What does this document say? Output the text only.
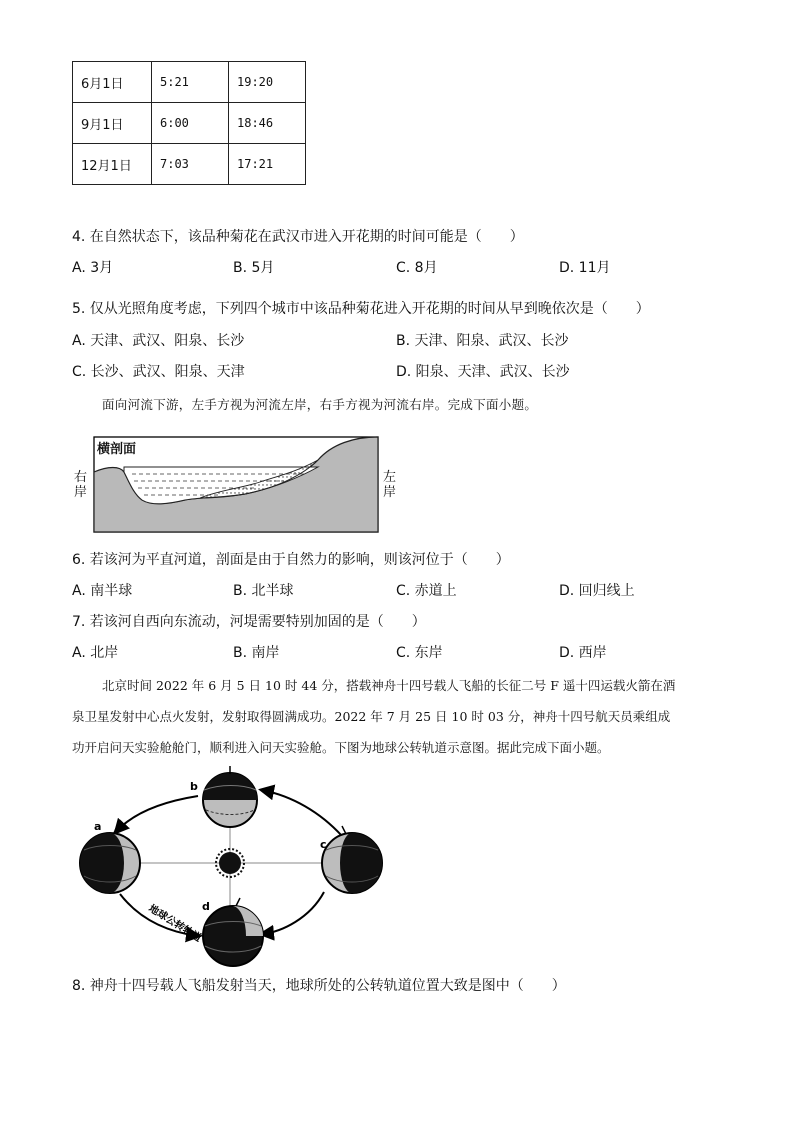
6月1日	5:21	19:20
9月1日	6:00	18:46
12月1日	7:03	17:21
4. 在自然状态下，该品种菊花在武汉市进入开花期的时间可能是（　　）
A. 3月	B. 5月	C. 8月	D. 11月
5. 仅从光照角度考虑，下列四个城市中该品种菊花进入开花期的时间从早到晚依次是（　　）
A. 天津、武汉、阳泉、长沙	B. 天津、阳泉、武汉、长沙
C. 长沙、武汉、阳泉、天津	D. 阳泉、天津、武汉、长沙
面向河流下游，左手方视为河流左岸，右手方视为河流右岸。完成下面小题。
横剖面
右
岸
左
岸
6. 若该河为平直河道，剖面是由于自然力的影响，则该河位于（　　）
A. 南半球	B. 北半球	C. 赤道上	D. 回归线上
7. 若该河自西向东流动，河堤需要特别加固的是（　　）
A. 北岸	B. 南岸	C. 东岸	D. 西岸
北京时间 2022 年 6 月 5 日 10 时 44 分，搭载神舟十四号载人飞船的长征二号 F 遥十四运载火箭在酒
泉卫星发射中心点火发射，发射取得圆满成功。2022 年 7 月 25 日 10 时 03 分，神舟十四号航天员乘组成
功开启问天实验舱舱门，顺利进入问天实验舱。下图为地球公转轨道示意图。据此完成下面小题。
b
a
c
d
地球公转轨道
8. 神舟十四号载人飞船发射当天，地球所处的公转轨道位置大致是图中（　　）
